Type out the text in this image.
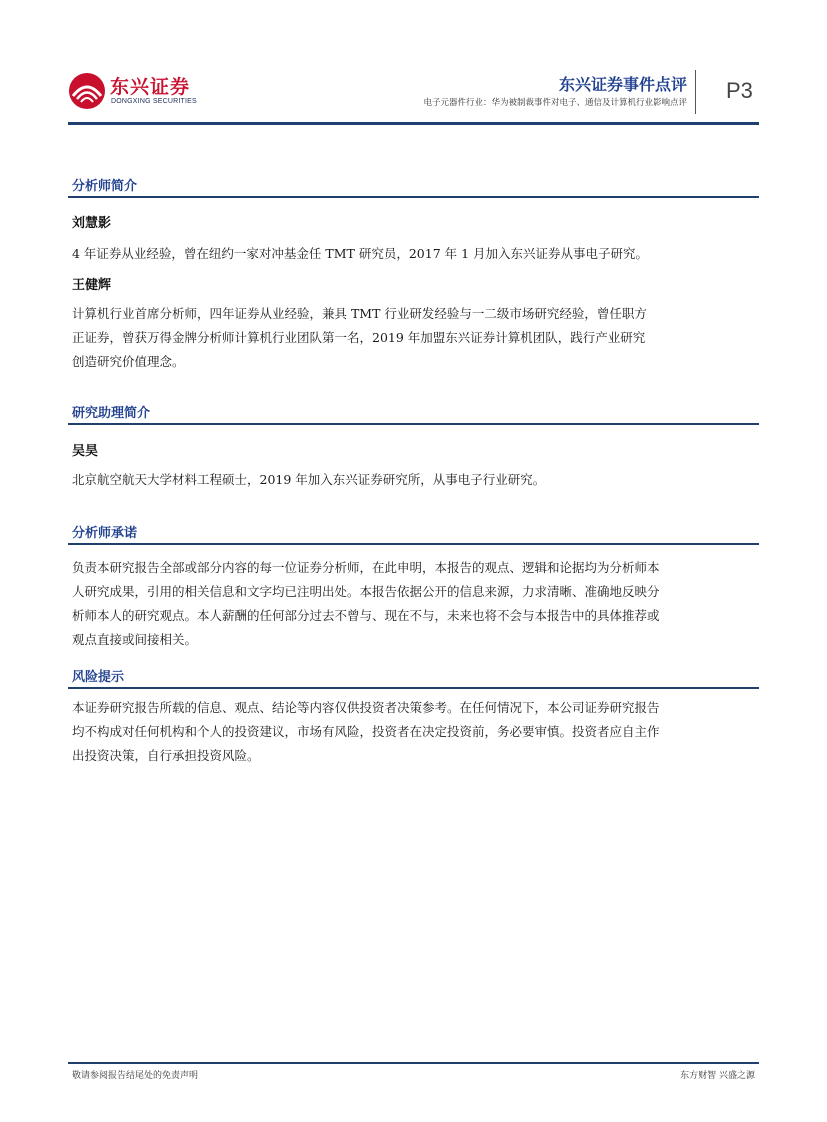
东兴证券
DONGXING SECURITIES
东兴证券事件点评
电子元器件行业：华为被制裁事件对电子、通信及计算机行业影响点评 P3
分析师简介
刘慧影
4 年证券从业经验，曾在纽约一家对冲基金任 TMT 研究员，2017 年 1 月加入东兴证券从事电子研究。
王健辉
计算机行业首席分析师，四年证券从业经验，兼具 TMT 行业研发经验与一二级市场研究经验，曾任职方
正证券，曾获万得金牌分析师计算机行业团队第一名，2019 年加盟东兴证券计算机团队，践行产业研究
创造研究价值理念。
研究助理简介
吴昊
北京航空航天大学材料工程硕士，2019 年加入东兴证券研究所，从事电子行业研究。
分析师承诺
负责本研究报告全部或部分内容的每一位证券分析师，在此申明，本报告的观点、逻辑和论据均为分析师本
人研究成果，引用的相关信息和文字均已注明出处。本报告依据公开的信息来源，力求清晰、准确地反映分
析师本人的研究观点。本人薪酬的任何部分过去不曾与、现在不与，未来也将不会与本报告中的具体推荐或
观点直接或间接相关。
风险提示
本证券研究报告所载的信息、观点、结论等内容仅供投资者决策参考。在任何情况下，本公司证券研究报告
均不构成对任何机构和个人的投资建议，市场有风险，投资者在决定投资前，务必要审慎。投资者应自主作
出投资决策，自行承担投资风险。
敬请参阅报告结尾处的免责声明	东方财智 兴盛之源
